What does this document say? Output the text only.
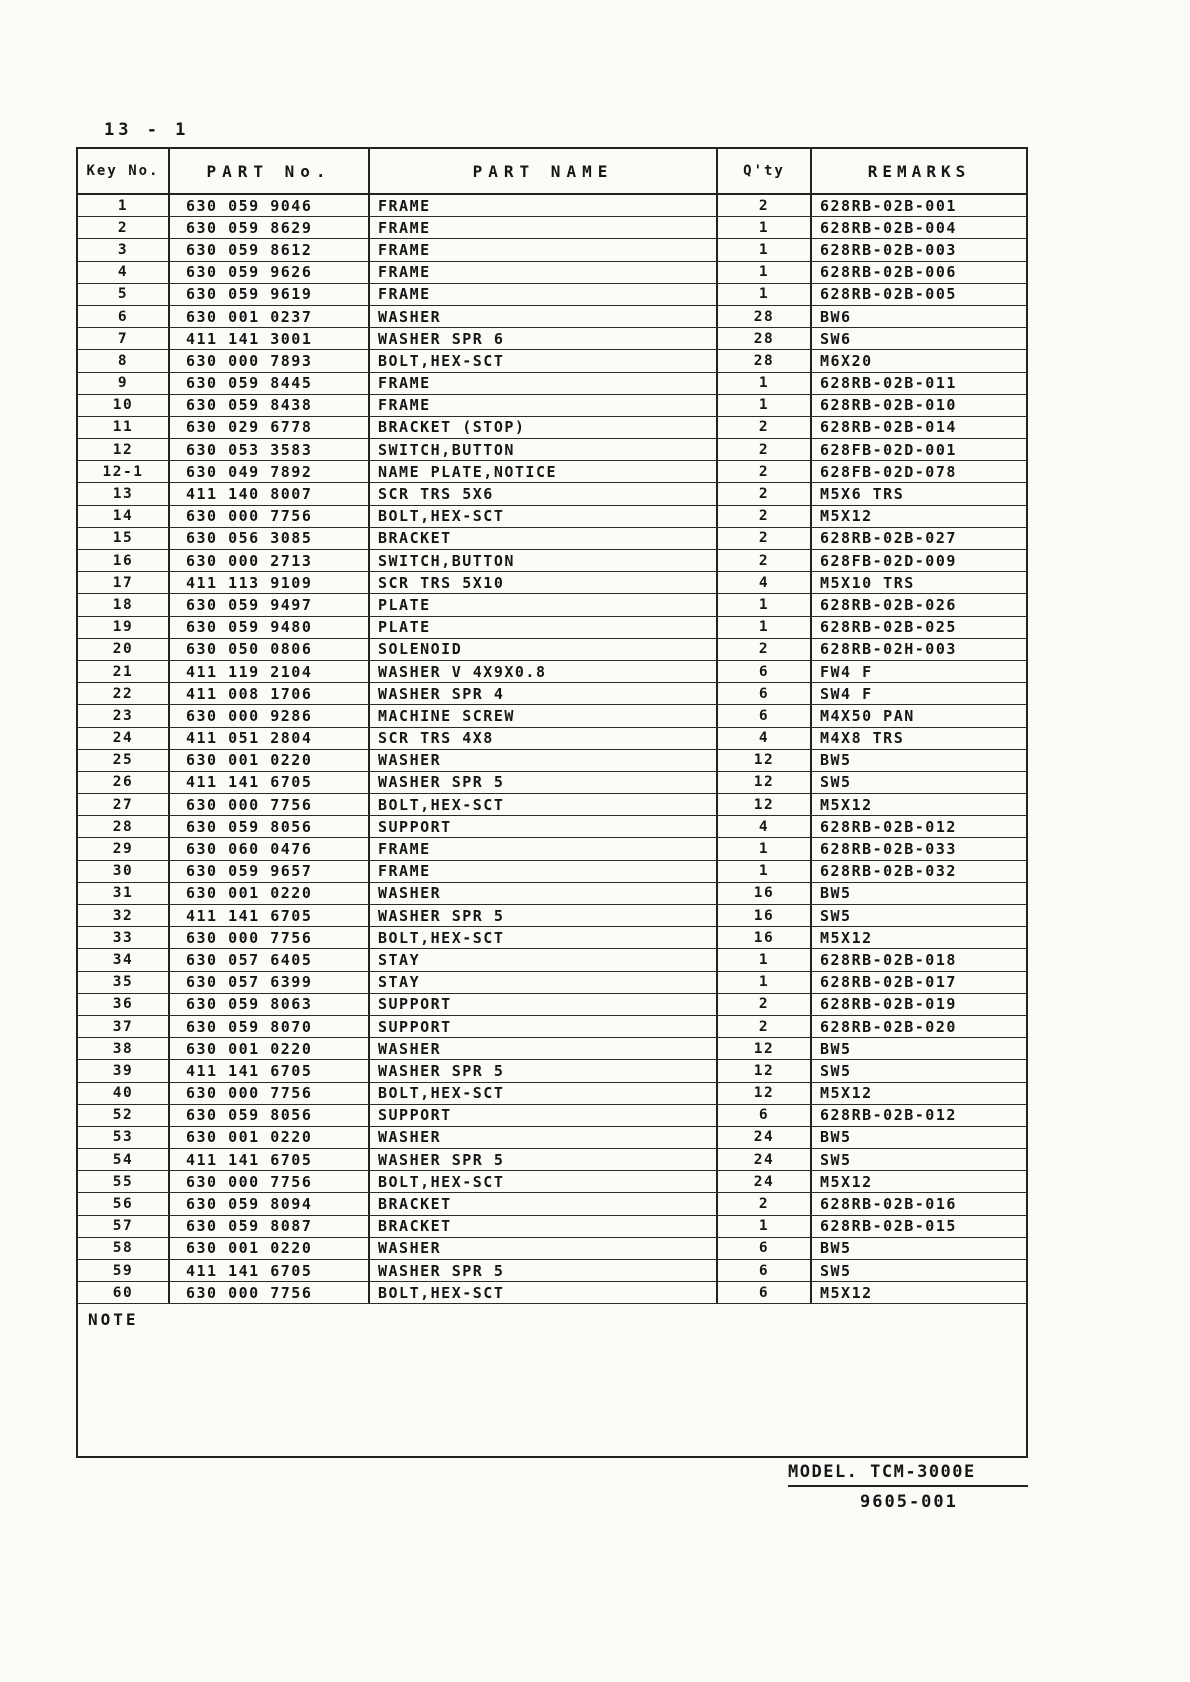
13 - 1
Key No.	PART No.	PART NAME	Q'ty	REMARKS
1	630 059 9046	FRAME	2	628RB-02B-001
2	630 059 8629	FRAME	1	628RB-02B-004
3	630 059 8612	FRAME	1	628RB-02B-003
4	630 059 9626	FRAME	1	628RB-02B-006
5	630 059 9619	FRAME	1	628RB-02B-005
6	630 001 0237	WASHER	28	BW6
7	411 141 3001	WASHER SPR 6	28	SW6
8	630 000 7893	BOLT,HEX-SCT	28	M6X20
9	630 059 8445	FRAME	1	628RB-02B-011
10	630 059 8438	FRAME	1	628RB-02B-010
11	630 029 6778	BRACKET (STOP)	2	628RB-02B-014
12	630 053 3583	SWITCH,BUTTON	2	628FB-02D-001
12-1	630 049 7892	NAME PLATE,NOTICE	2	628FB-02D-078
13	411 140 8007	SCR TRS 5X6	2	M5X6 TRS
14	630 000 7756	BOLT,HEX-SCT	2	M5X12
15	630 056 3085	BRACKET	2	628RB-02B-027
16	630 000 2713	SWITCH,BUTTON	2	628FB-02D-009
17	411 113 9109	SCR TRS 5X10	4	M5X10 TRS
18	630 059 9497	PLATE	1	628RB-02B-026
19	630 059 9480	PLATE	1	628RB-02B-025
20	630 050 0806	SOLENOID	2	628RB-02H-003
21	411 119 2104	WASHER V 4X9X0.8	6	FW4 F
22	411 008 1706	WASHER SPR 4	6	SW4 F
23	630 000 9286	MACHINE SCREW	6	M4X50 PAN
24	411 051 2804	SCR TRS 4X8	4	M4X8 TRS
25	630 001 0220	WASHER	12	BW5
26	411 141 6705	WASHER SPR 5	12	SW5
27	630 000 7756	BOLT,HEX-SCT	12	M5X12
28	630 059 8056	SUPPORT	4	628RB-02B-012
29	630 060 0476	FRAME	1	628RB-02B-033
30	630 059 9657	FRAME	1	628RB-02B-032
31	630 001 0220	WASHER	16	BW5
32	411 141 6705	WASHER SPR 5	16	SW5
33	630 000 7756	BOLT,HEX-SCT	16	M5X12
34	630 057 6405	STAY	1	628RB-02B-018
35	630 057 6399	STAY	1	628RB-02B-017
36	630 059 8063	SUPPORT	2	628RB-02B-019
37	630 059 8070	SUPPORT	2	628RB-02B-020
38	630 001 0220	WASHER	12	BW5
39	411 141 6705	WASHER SPR 5	12	SW5
40	630 000 7756	BOLT,HEX-SCT	12	M5X12
52	630 059 8056	SUPPORT	6	628RB-02B-012
53	630 001 0220	WASHER	24	BW5
54	411 141 6705	WASHER SPR 5	24	SW5
55	630 000 7756	BOLT,HEX-SCT	24	M5X12
56	630 059 8094	BRACKET	2	628RB-02B-016
57	630 059 8087	BRACKET	1	628RB-02B-015
58	630 001 0220	WASHER	6	BW5
59	411 141 6705	WASHER SPR 5	6	SW5
60	630 000 7756	BOLT,HEX-SCT	6	M5X12
NOTE
MODEL. TCM-3000E
9605-001
